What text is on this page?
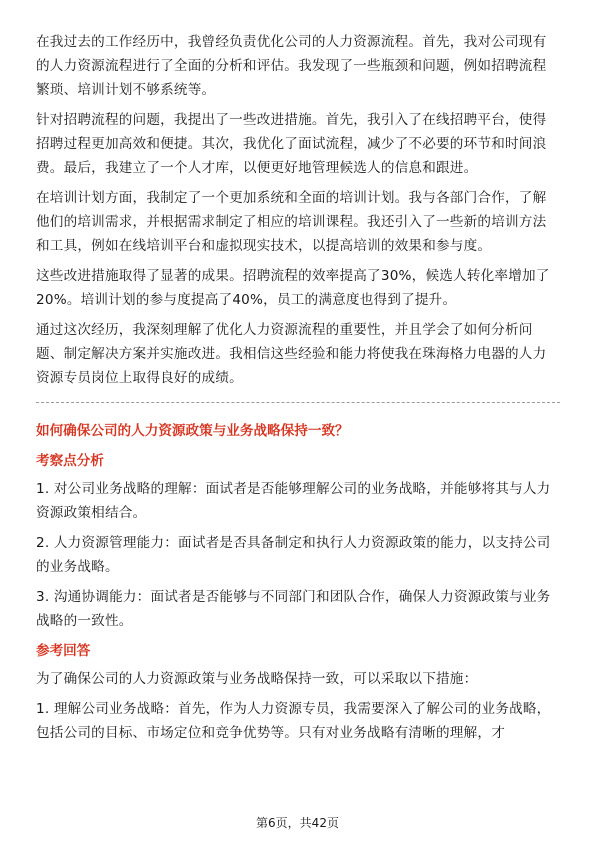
在我过去的工作经历中，我曾经负责优化公司的人力资源流程。首先，我对公司现有的人力资源流程进行了全面的分析和评估。我发现了一些瓶颈和问题，例如招聘流程繁琐、培训计划不够系统等。

针对招聘流程的问题，我提出了一些改进措施。首先，我引入了在线招聘平台，使得招聘过程更加高效和便捷。其次，我优化了面试流程，减少了不必要的环节和时间浪费。最后，我建立了一个人才库，以便更好地管理候选人的信息和跟进。

在培训计划方面，我制定了一个更加系统和全面的培训计划。我与各部门合作，了解他们的培训需求，并根据需求制定了相应的培训课程。我还引入了一些新的培训方法和工具，例如在线培训平台和虚拟现实技术，以提高培训的效果和参与度。

这些改进措施取得了显著的成果。招聘流程的效率提高了30%，候选人转化率增加了20%。培训计划的参与度提高了40%，员工的满意度也得到了提升。

通过这次经历，我深刻理解了优化人力资源流程的重要性，并且学会了如何分析问题、制定解决方案并实施改进。我相信这些经验和能力将使我在珠海格力电器的人力资源专员岗位上取得良好的成绩。

如何确保公司的人力资源政策与业务战略保持一致？

考察点分析

1. 对公司业务战略的理解：面试者是否能够理解公司的业务战略，并能够将其与人力资源政策相结合。

2. 人力资源管理能力：面试者是否具备制定和执行人力资源政策的能力，以支持公司的业务战略。

3. 沟通协调能力：面试者是否能够与不同部门和团队合作，确保人力资源政策与业务战略的一致性。

参考回答

为了确保公司的人力资源政策与业务战略保持一致，可以采取以下措施：

1. 理解公司业务战略：首先，作为人力资源专员，我需要深入了解公司的业务战略，包括公司的目标、市场定位和竞争优势等。只有对业务战略有清晰的理解，才

第6页，共42页
